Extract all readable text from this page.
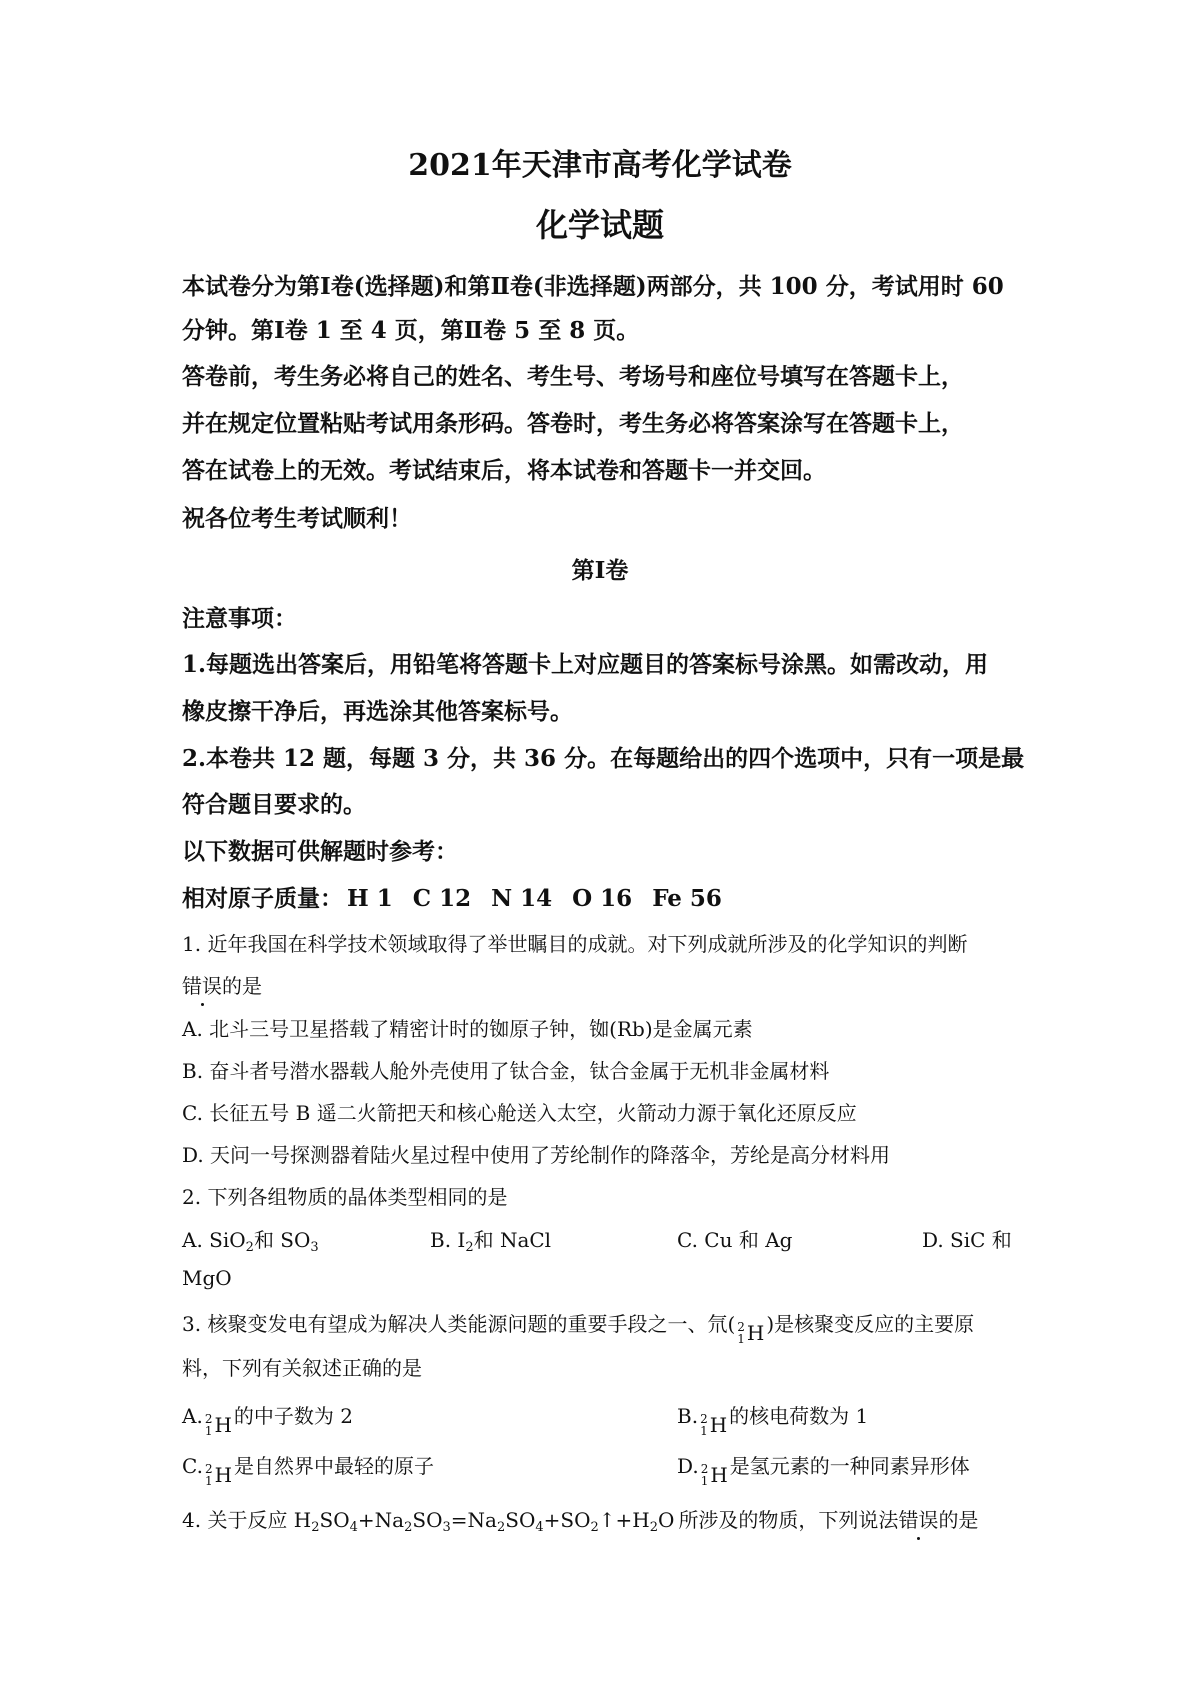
2021年天津市高考化学试卷
化学试题
本试卷分为第Ⅰ卷(选择题)和第Ⅱ卷(非选择题)两部分，共 100 分，考试用时 60
分钟。第Ⅰ卷 1 至 4 页，第Ⅱ卷 5 至 8 页。
答卷前，考生务必将自己的姓名、考生号、考场号和座位号填写在答题卡上，
并在规定位置粘贴考试用条形码。答卷时，考生务必将答案涂写在答题卡上，
答在试卷上的无效。考试结束后，将本试卷和答题卡一并交回。
祝各位考生考试顺利！
第Ⅰ卷
注意事项：
1.每题选出答案后，用铅笔将答题卡上对应题目的答案标号涂黑。如需改动，用
橡皮擦干净后，再选涂其他答案标号。
2.本卷共 12 题，每题 3 分，共 36 分。在每题给出的四个选项中，只有一项是最
符合题目要求的。
以下数据可供解题时参考：
相对原子质量： H 1 C 12 N 14 O 16 Fe 56
1. 近年我国在科学技术领域取得了举世瞩目的成就。对下列成就所涉及的化学知识的判断
错误的是
A. 北斗三号卫星搭载了精密计时的铷原子钟，铷(Rb)是金属元素
B. 奋斗者号潜水器载人舱外壳使用了钛合金，钛合金属于无机非金属材料
C. 长征五号 B 遥二火箭把天和核心舱送入太空，火箭动力源于氧化还原反应
D. 天问一号探测器着陆火星过程中使用了芳纶制作的降落伞，芳纶是高分材料用
2. 下列各组物质的晶体类型相同的是
A. SiO$_2$和 $SO_3$	B. $I_2$和 NaCl	C. Cu 和 Ag	D. SiC 和
MgO
3. 核聚变发电有望成为解决人类能源问题的重要手段之一、氘( 2
1 H )是核聚变反应的主要原
料，下列有关叙述正确的是
A. 2
1 H 的中子数为 2	B. 2
1 H 的核电荷数为 1
C. 2
1 H 是自然界中最轻的原子	D. 2
1 H 是氢元素的一种同素异形体
4. 关于反应 $H_2SO_4+Na_2SO_3=Na_2SO_4+SO_2↑+H_2O$ 所涉及的物质，下列说法错误的是
